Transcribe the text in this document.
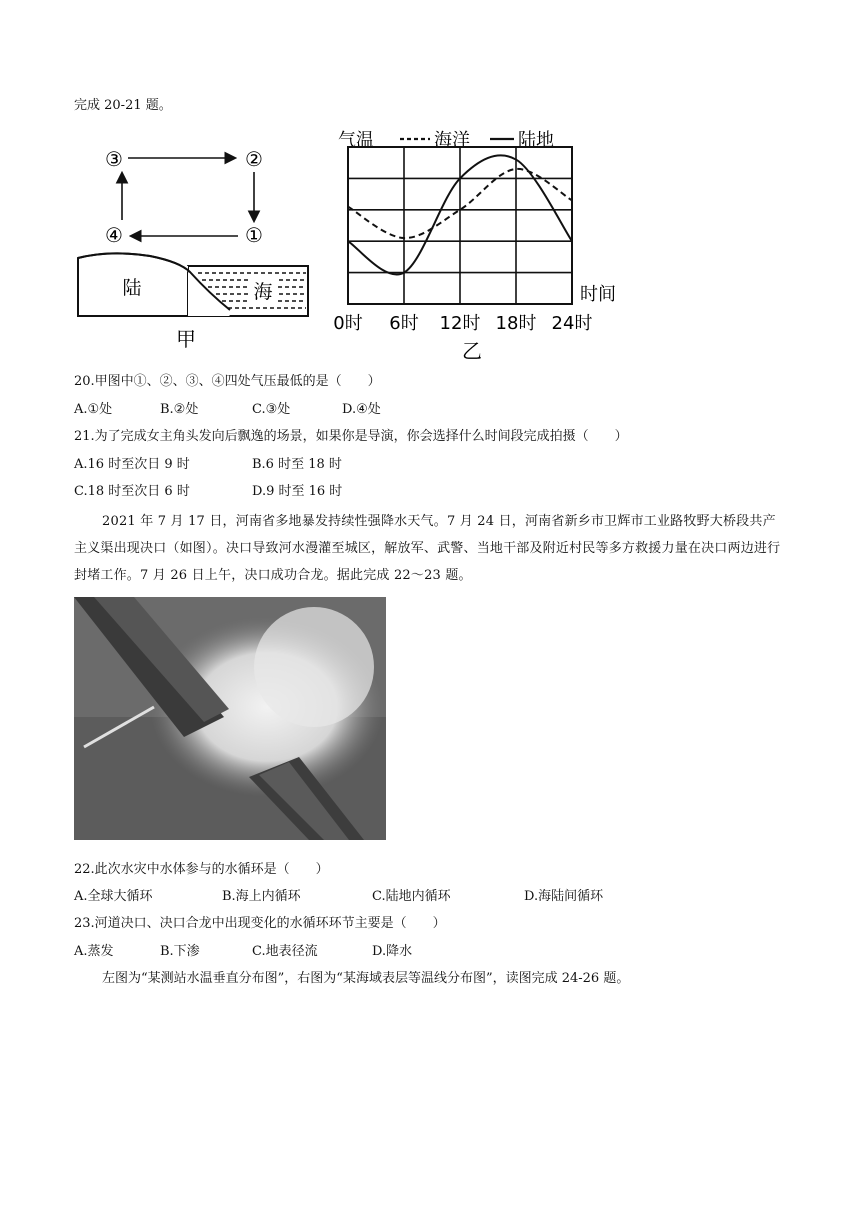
完成 20-21 题。
③	②
④	①
陆	海
甲
气温	海洋	陆地
时间
0时 6时 12时 18时 24时
乙
20.甲图中①、②、③、④四处气压最低的是（　　）
A.①处	B.②处	C.③处	D.④处
21.为了完成女主角头发向后飘逸的场景，如果你是导演，你会选择什么时间段完成拍摄（　　）
A.16 时至次日 9 时	B.6 时至 18 时
C.18 时至次日 6 时	D.9 时至 16 时
2021 年 7 月 17 日，河南省多地暴发持续性强降水天气。7 月 24 日，河南省新乡市卫辉市工业路牧野大桥段共产主义渠出现决口（如图）。决口导致河水漫灌至城区，解放军、武警、当地干部及附近村民等多方救援力量在决口两边进行封堵工作。7 月 26 日上午，决口成功合龙。据此完成 22～23 题。
22.此次水灾中水体参与的水循环是（　　）
A.全球大循环	B.海上内循环	C.陆地内循环	D.海陆间循环
23.河道决口、决口合龙中出现变化的水循环环节主要是（　　）
A.蒸发	B.下渗	C.地表径流	D.降水
左图为“某测站水温垂直分布图”，右图为“某海域表层等温线分布图”，读图完成 24-26 题。
